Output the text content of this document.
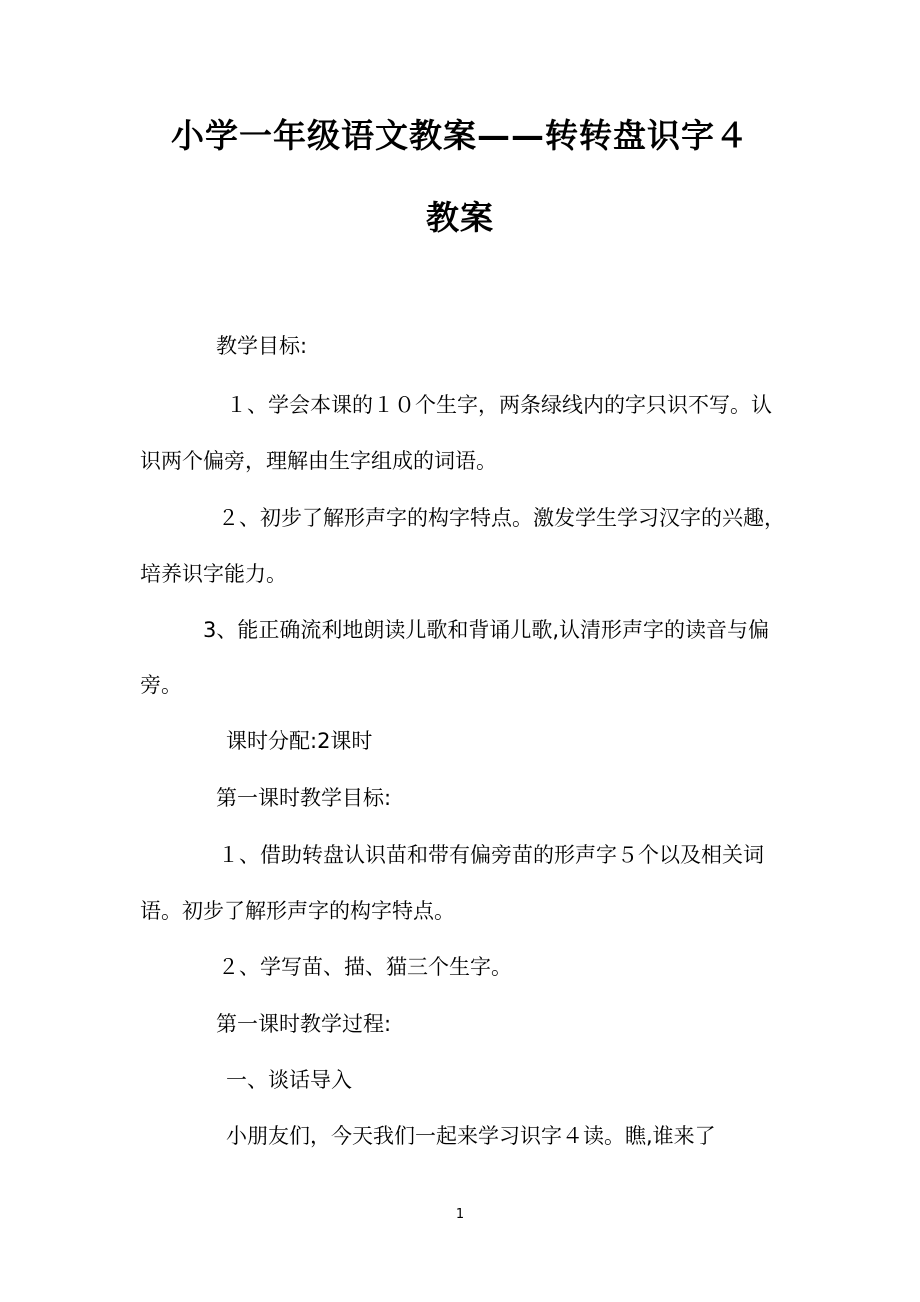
小学一年级语文教案——转转盘识字４
教案
教学目标:
１、学会本课的１０个生字，两条绿线内的字只识不写。认
识两个偏旁，理解由生字组成的词语。
２、初步了解形声字的构字特点。激发学生学习汉字的兴趣，
培养识字能力。
3、能正确流利地朗读儿歌和背诵儿歌,认清形声字的读音与偏
旁。
课时分配:2课时
第一课时教学目标:
１、借助转盘认识苗和带有偏旁苗的形声字５个以及相关词
语。初步了解形声字的构字特点。
２、学写苗、描、猫三个生字。
第一课时教学过程:
一、谈话导入
小朋友们，今天我们一起来学习识字４读。瞧,谁来了
1
